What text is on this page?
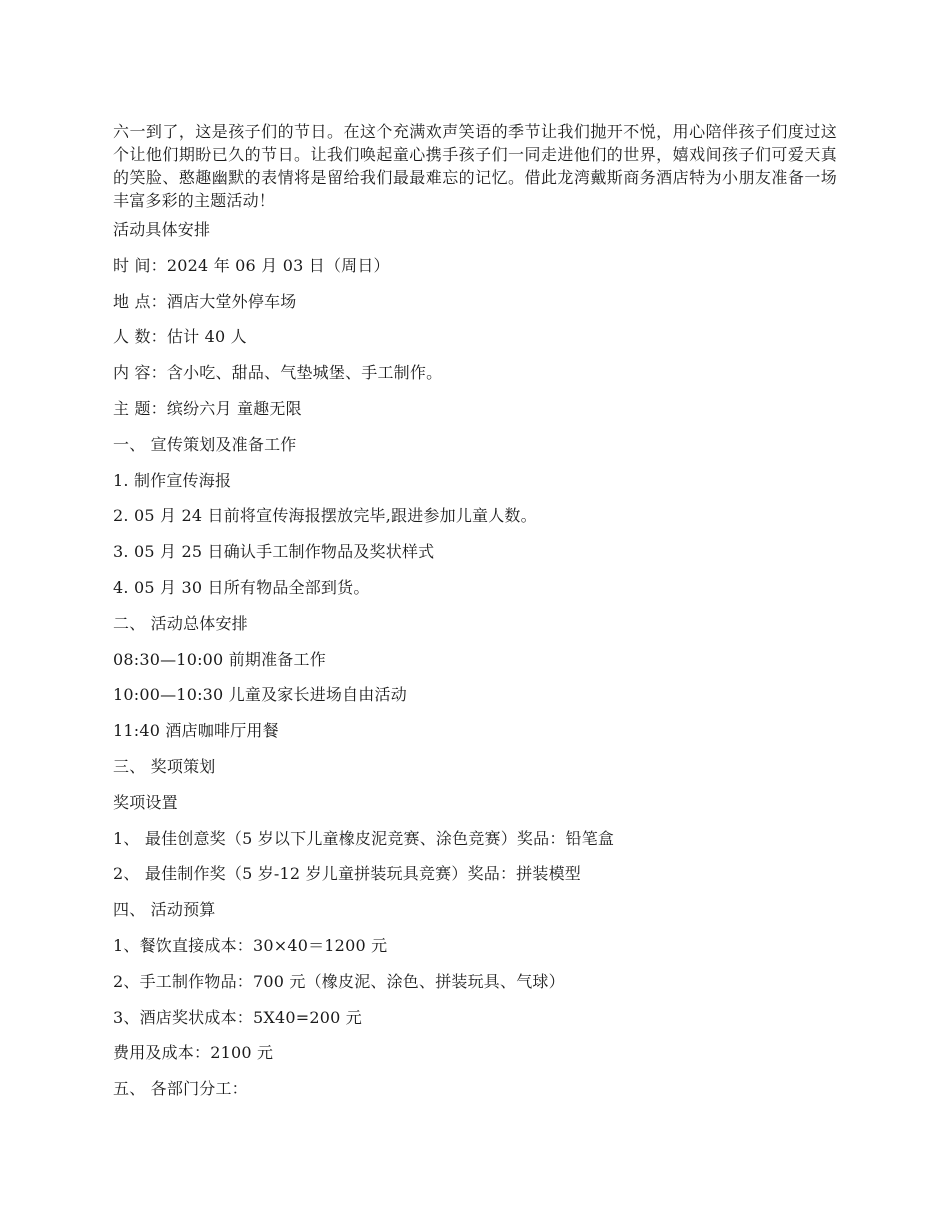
六一到了，这是孩子们的节日。在这个充满欢声笑语的季节让我们抛开不悦，用心陪伴孩子们度过这个让他们期盼已久的节日。让我们唤起童心携手孩子们一同走进他们的世界，嬉戏间孩子们可爱天真的笑脸、憨趣幽默的表情将是留给我们最最难忘的记忆。借此龙湾戴斯商务酒店特为小朋友准备一场丰富多彩的主题活动！

活动具体安排
时 间：2024 年 06 月 03 日（周日）
地 点：酒店大堂外停车场
人 数：估计 40 人
内 容：含小吃、甜品、气垫城堡、手工制作。
主 题：缤纷六月 童趣无限
一、 宣传策划及准备工作
1. 制作宣传海报
2. 05 月 24 日前将宣传海报摆放完毕,跟进参加儿童人数。
3. 05 月 25 日确认手工制作物品及奖状样式
4. 05 月 30 日所有物品全部到货。
二、 活动总体安排
08:30—10:00 前期准备工作
10:00—10:30 儿童及家长进场自由活动
11:40 酒店咖啡厅用餐
三、 奖项策划
奖项设置
1、 最佳创意奖（5 岁以下儿童橡皮泥竞赛、涂色竞赛）奖品：铅笔盒
2、 最佳制作奖（5 岁-12 岁儿童拼装玩具竞赛）奖品：拼装模型
四、 活动预算
1、餐饮直接成本：30×40＝1200 元
2、手工制作物品：700 元（橡皮泥、涂色、拼装玩具、气球）
3、酒店奖状成本：5X40=200 元
费用及成本：2100 元
五、 各部门分工：
